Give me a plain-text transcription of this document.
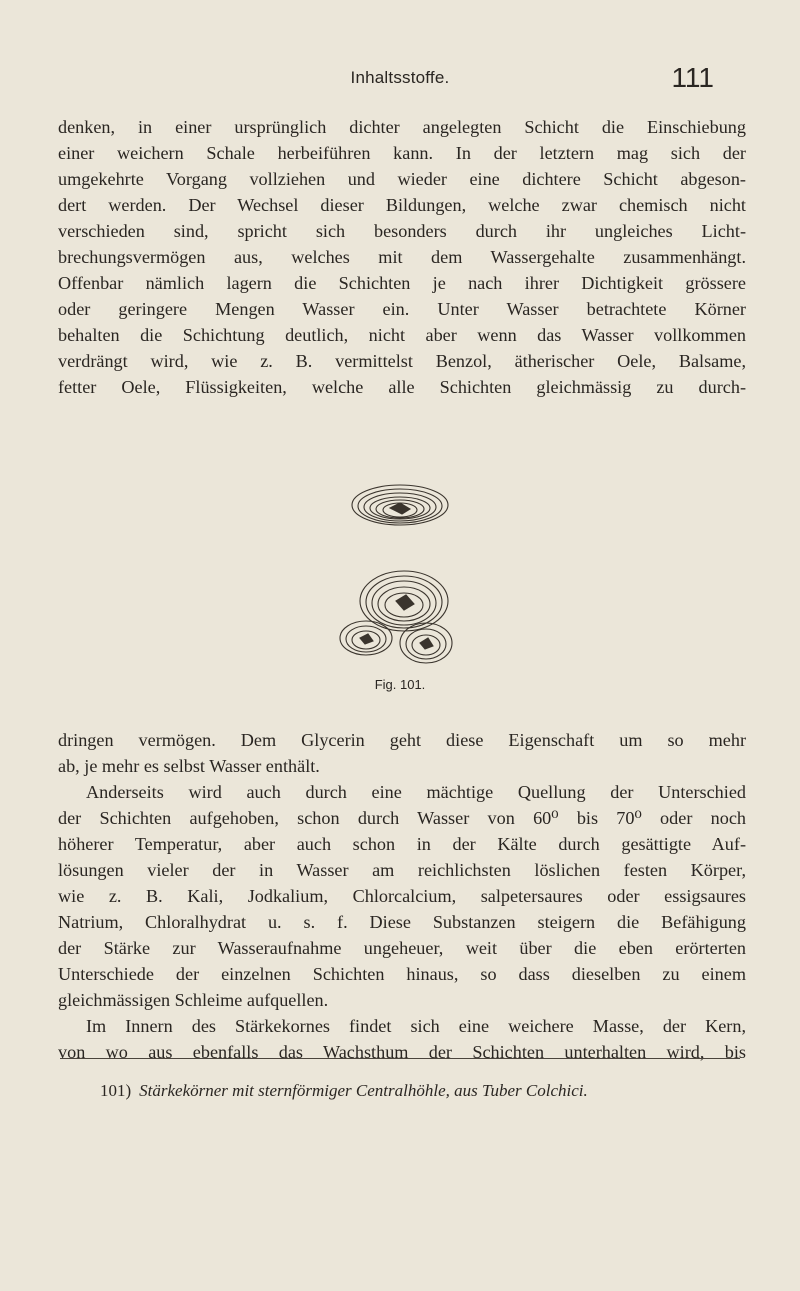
Inhaltsstoffe.	111
denken, in einer ursprünglich dichter angelegten Schicht die Einschiebung
einer weichern Schale herbeiführen kann. In der letztern mag sich der
umgekehrte Vorgang vollziehen und wieder eine dichtere Schicht abgeson-
dert werden. Der Wechsel dieser Bildungen, welche zwar chemisch nicht
verschieden sind, spricht sich besonders durch ihr ungleiches Licht-
brechungsvermögen aus, welches mit dem Wassergehalte zusammenhängt.
Offenbar nämlich lagern die Schichten je nach ihrer Dichtigkeit grössere
oder geringere Mengen Wasser ein. Unter Wasser betrachtete Körner
behalten die Schichtung deutlich, nicht aber wenn das Wasser vollkommen
verdrängt wird, wie z. B. vermittelst Benzol, ätherischer Oele, Balsame,
fetter Oele, Flüssigkeiten, welche alle Schichten gleichmässig zu durch-
Fig. 101.
dringen vermögen. Dem Glycerin geht diese Eigenschaft um so mehr
ab, je mehr es selbst Wasser enthält.
Anderseits wird auch durch eine mächtige Quellung der Unterschied
der Schichten aufgehoben, schon durch Wasser von 60⁰ bis 70⁰ oder noch
höherer Temperatur, aber auch schon in der Kälte durch gesättigte Auf-
lösungen vieler der in Wasser am reichlichsten löslichen festen Körper,
wie z. B. Kali, Jodkalium, Chlorcalcium, salpetersaures oder essigsaures
Natrium, Chloralhydrat u. s. f. Diese Substanzen steigern die Befähigung
der Stärke zur Wasseraufnahme ungeheuer, weit über die eben erörterten
Unterschiede der einzelnen Schichten hinaus, so dass dieselben zu einem
gleichmässigen Schleime aufquellen.
Im Innern des Stärkekornes findet sich eine weichere Masse, der Kern,
von wo aus ebenfalls das Wachsthum der Schichten unterhalten wird, bis
101) Stärkekörner mit sternförmiger Centralhöhle, aus Tuber Colchici.
